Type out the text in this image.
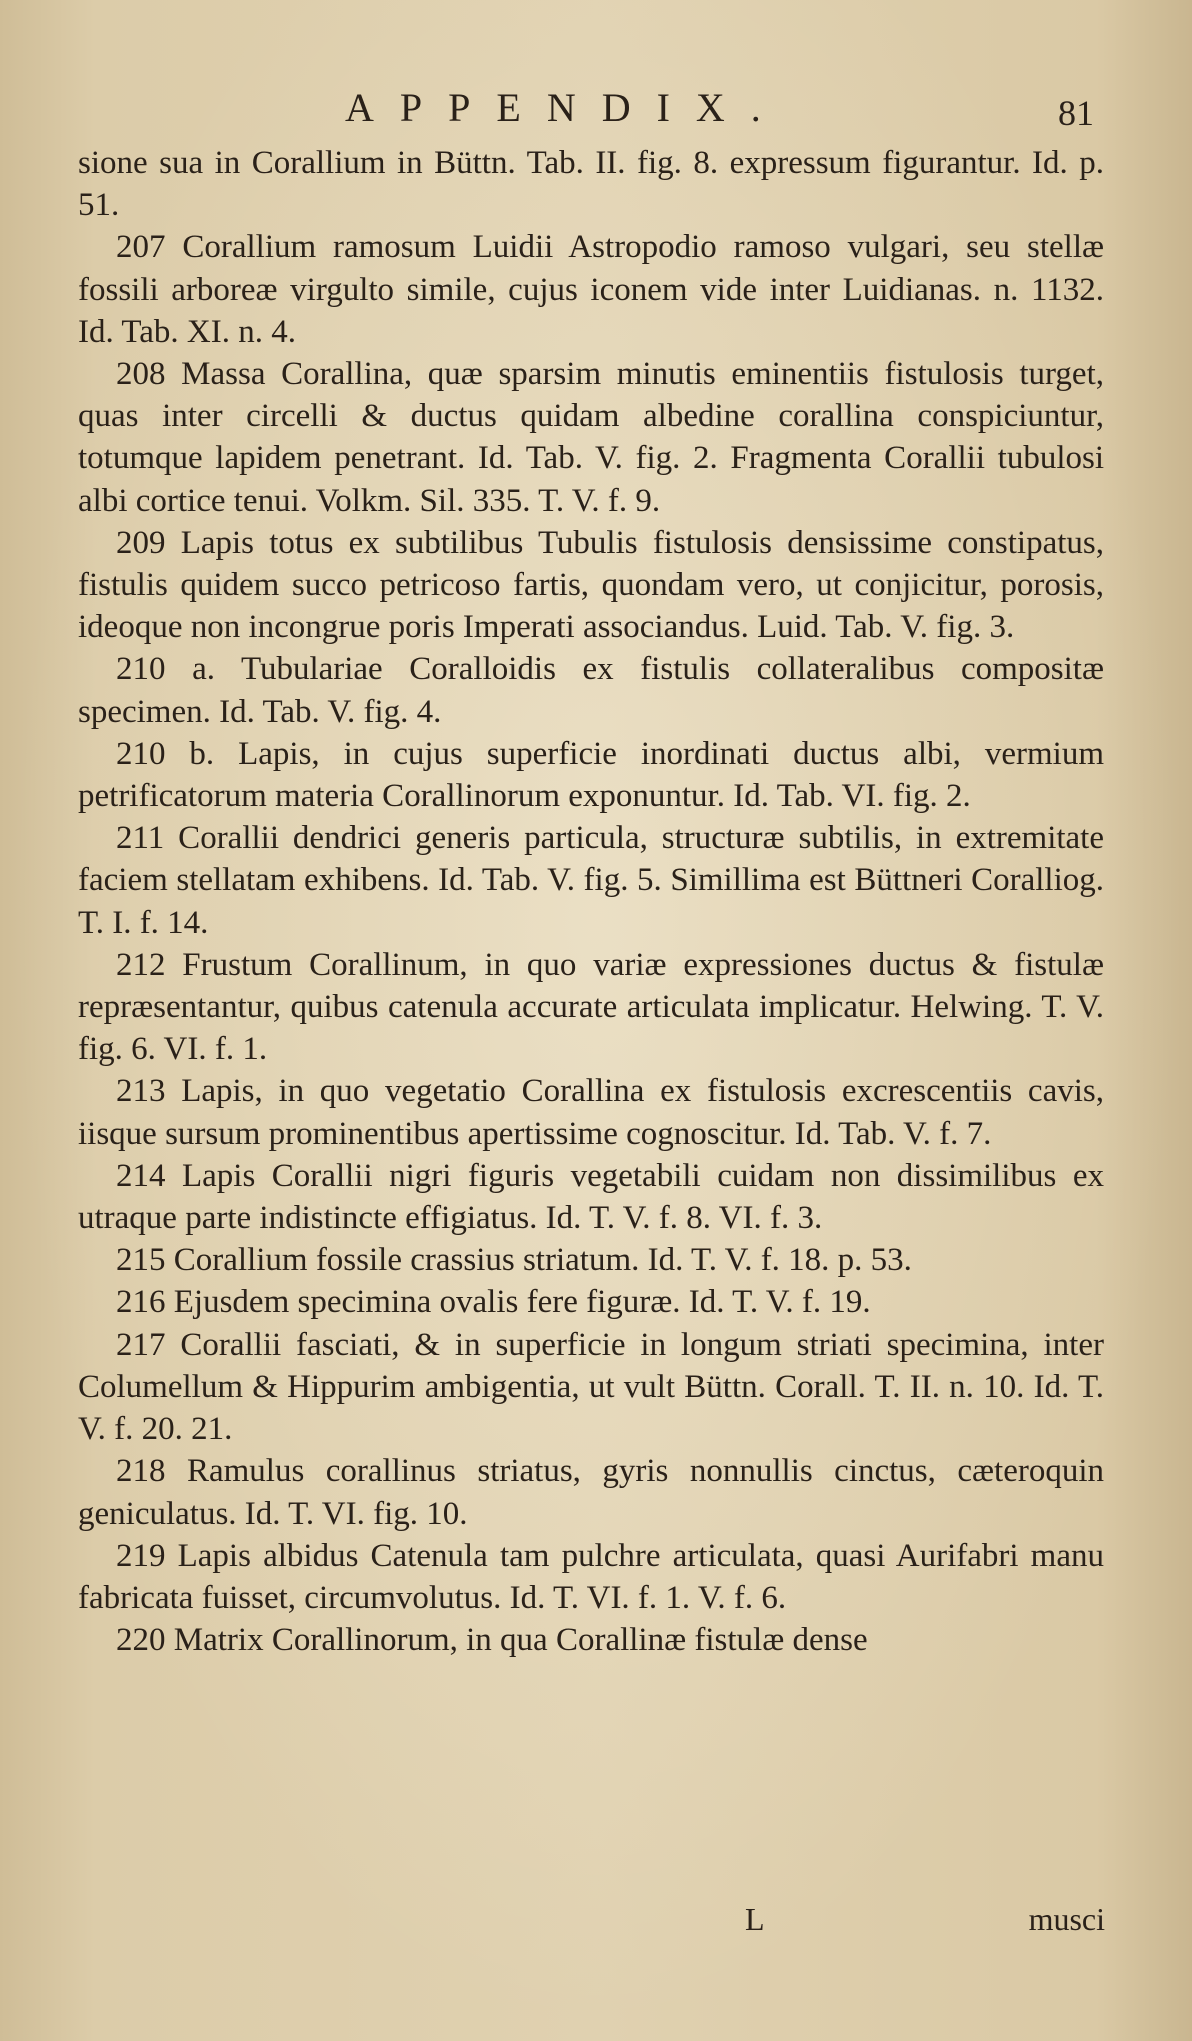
APPENDIX.	81

sione sua in Corallium in Büttn. Tab. II. fig. 8. expressum figurantur. Id. p. 51.

207 Corallium ramosum Luidii Astropodio ramoso vulgari, seu stellæ fossili arboreæ virgulto simile, cujus iconem vide inter Luidianas. n. 1132. Id. Tab. XI. n. 4.

208 Massa Corallina, quæ sparsim minutis eminentiis fistulosis turget, quas inter circelli & ductus quidam albedine corallina conspiciuntur, totumque lapidem penetrant. Id. Tab. V. fig. 2. Fragmenta Corallii tubulosi albi cortice tenui. Volkm. Sil. 335. T. V. f. 9.

209 Lapis totus ex subtilibus Tubulis fistulosis densissime constipatus, fistulis quidem succo petricoso fartis, quondam vero, ut conjicitur, porosis, ideoque non incongrue poris Imperati associandus. Luid. Tab. V. fig. 3.

210 a. Tubulariae Coralloidis ex fistulis collateralibus compositæ specimen. Id. Tab. V. fig. 4.

210 b. Lapis, in cujus superficie inordinati ductus albi, vermium petrificatorum materia Corallinorum exponuntur. Id. Tab. VI. fig. 2.

211 Corallii dendrici generis particula, structuræ subtilis, in extremitate faciem stellatam exhibens. Id. Tab. V. fig. 5. Simillima est Büttneri Coralliog. T. I. f. 14.

212 Frustum Corallinum, in quo variæ expressiones ductus & fistulæ repræsentantur, quibus catenula accurate articulata implicatur. Helwing. T. V. fig. 6. VI. f. 1.

213 Lapis, in quo vegetatio Corallina ex fistulosis excrescentiis cavis, iisque sursum prominentibus apertissime cognoscitur. Id. Tab. V. f. 7.

214 Lapis Corallii nigri figuris vegetabili cuidam non dissimilibus ex utraque parte indistincte effigiatus. Id. T. V. f. 8. VI. f. 3.

215 Corallium fossile crassius striatum. Id. T. V. f. 18. p. 53.

216 Ejusdem specimina ovalis fere figuræ. Id. T. V. f. 19.

217 Corallii fasciati, & in superficie in longum striati specimina, inter Columellum & Hippurim ambigentia, ut vult Büttn. Corall. T. II. n. 10. Id. T. V. f. 20. 21.

218 Ramulus corallinus striatus, gyris nonnullis cinctus, cæteroquin geniculatus. Id. T. VI. fig. 10.

219 Lapis albidus Catenula tam pulchre articulata, quasi Aurifabri manu fabricata fuisset, circumvolutus. Id. T. VI. f. 1. V. f. 6.

220 Matrix Corallinorum, in qua Corallinæ fistulæ dense

L	musci
